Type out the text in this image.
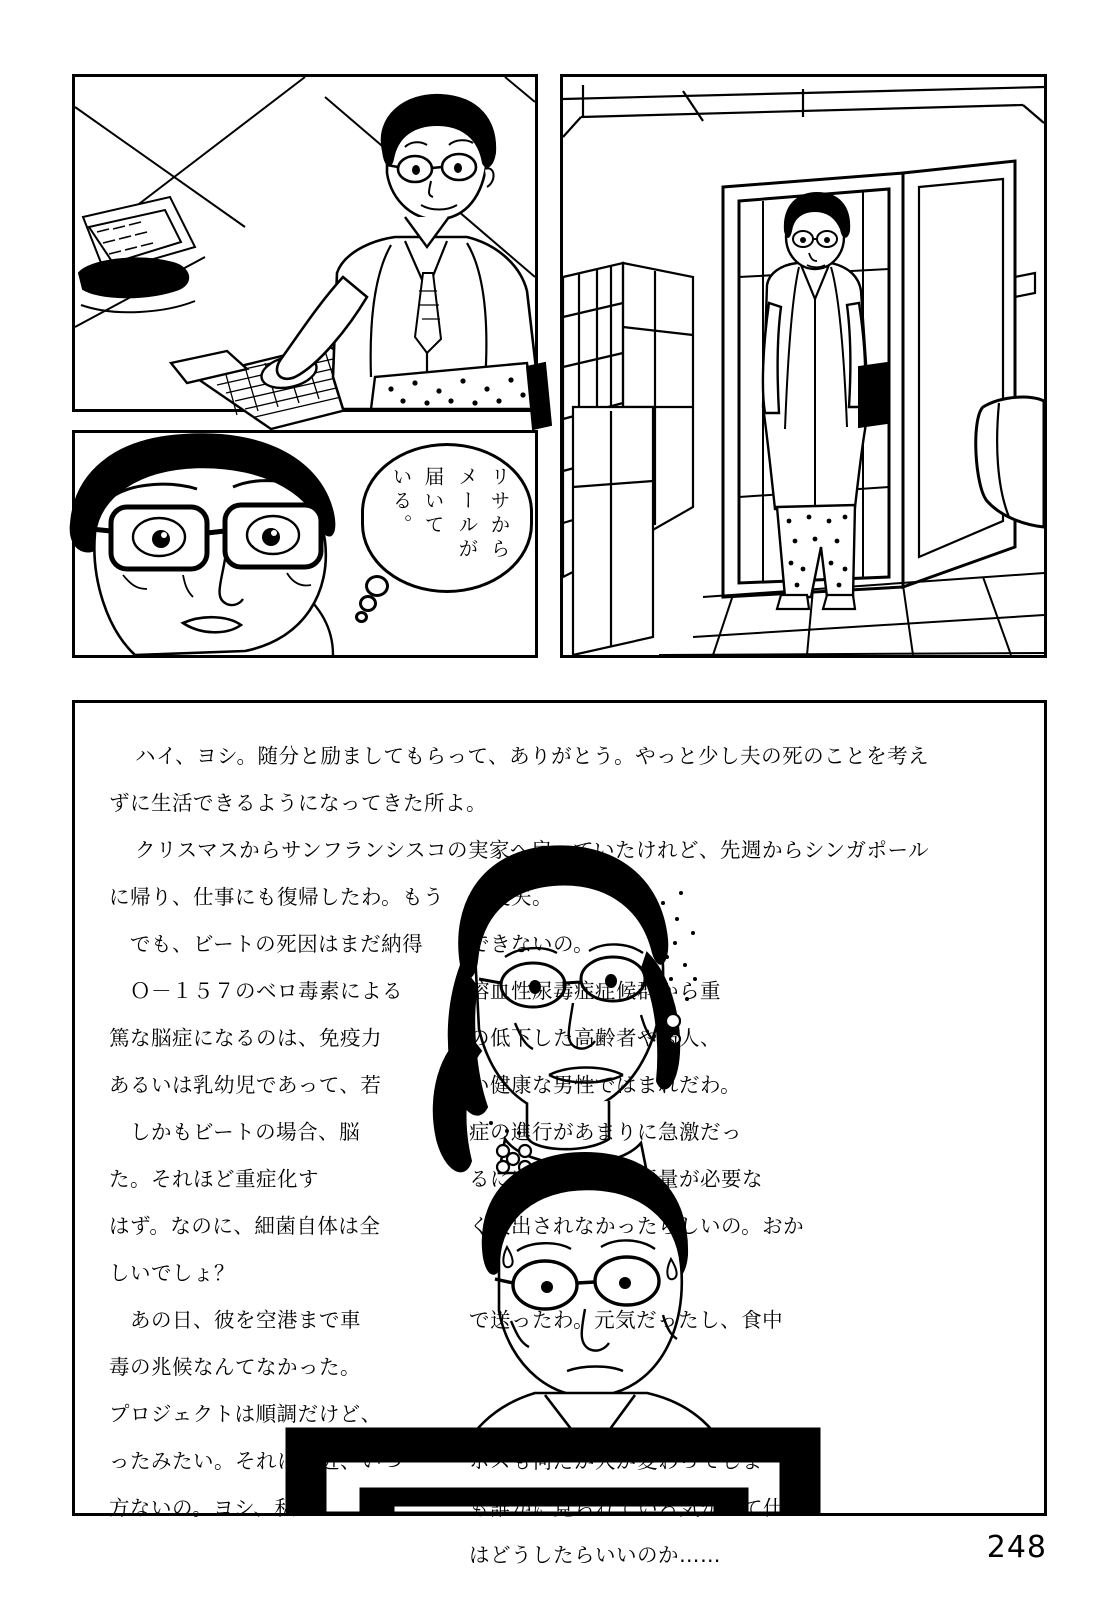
リサから
メールが
届いて
いる。

ハイ、ヨシ。随分と励ましてもらって、ありがとう。やっと少し夫の死のことを考え

ずに生活できるようになってきた所よ。

クリスマスからサンフランシスコの実家へ戻っていたけれど、先週からシンガポール

に帰り、仕事にも復帰したわ。もう	大丈夫。
　でも、ビートの死因はまだ納得	できないの。
　Ｏ－１５７のベロ毒素による	溶血性尿毒症症候群から重
篤な脳症になるのは、免疫力	の低下した高齢者や病人、
あるいは乳幼児であって、若	い健康な男性ではまれだわ。
　しかもビートの場合、脳	症の進行があまりに急激だっ
た。それほど重症化す	るにはかなりの毒素量が必要な
はず。なのに、細菌自体は全	く検出されなかったらしいの。おか
しいでしょ？
　あの日、彼を空港まで車	で送ったわ。元気だったし、食中
毒の兆候なんてなかった。
プロジェクトは順調だけど、
ったみたい。それに最近、いつ	ボスも何だか人が変わってしま
方ないの。ヨシ、私	も誰かに見られている気がして仕
はどうしたらいいのか……	248
